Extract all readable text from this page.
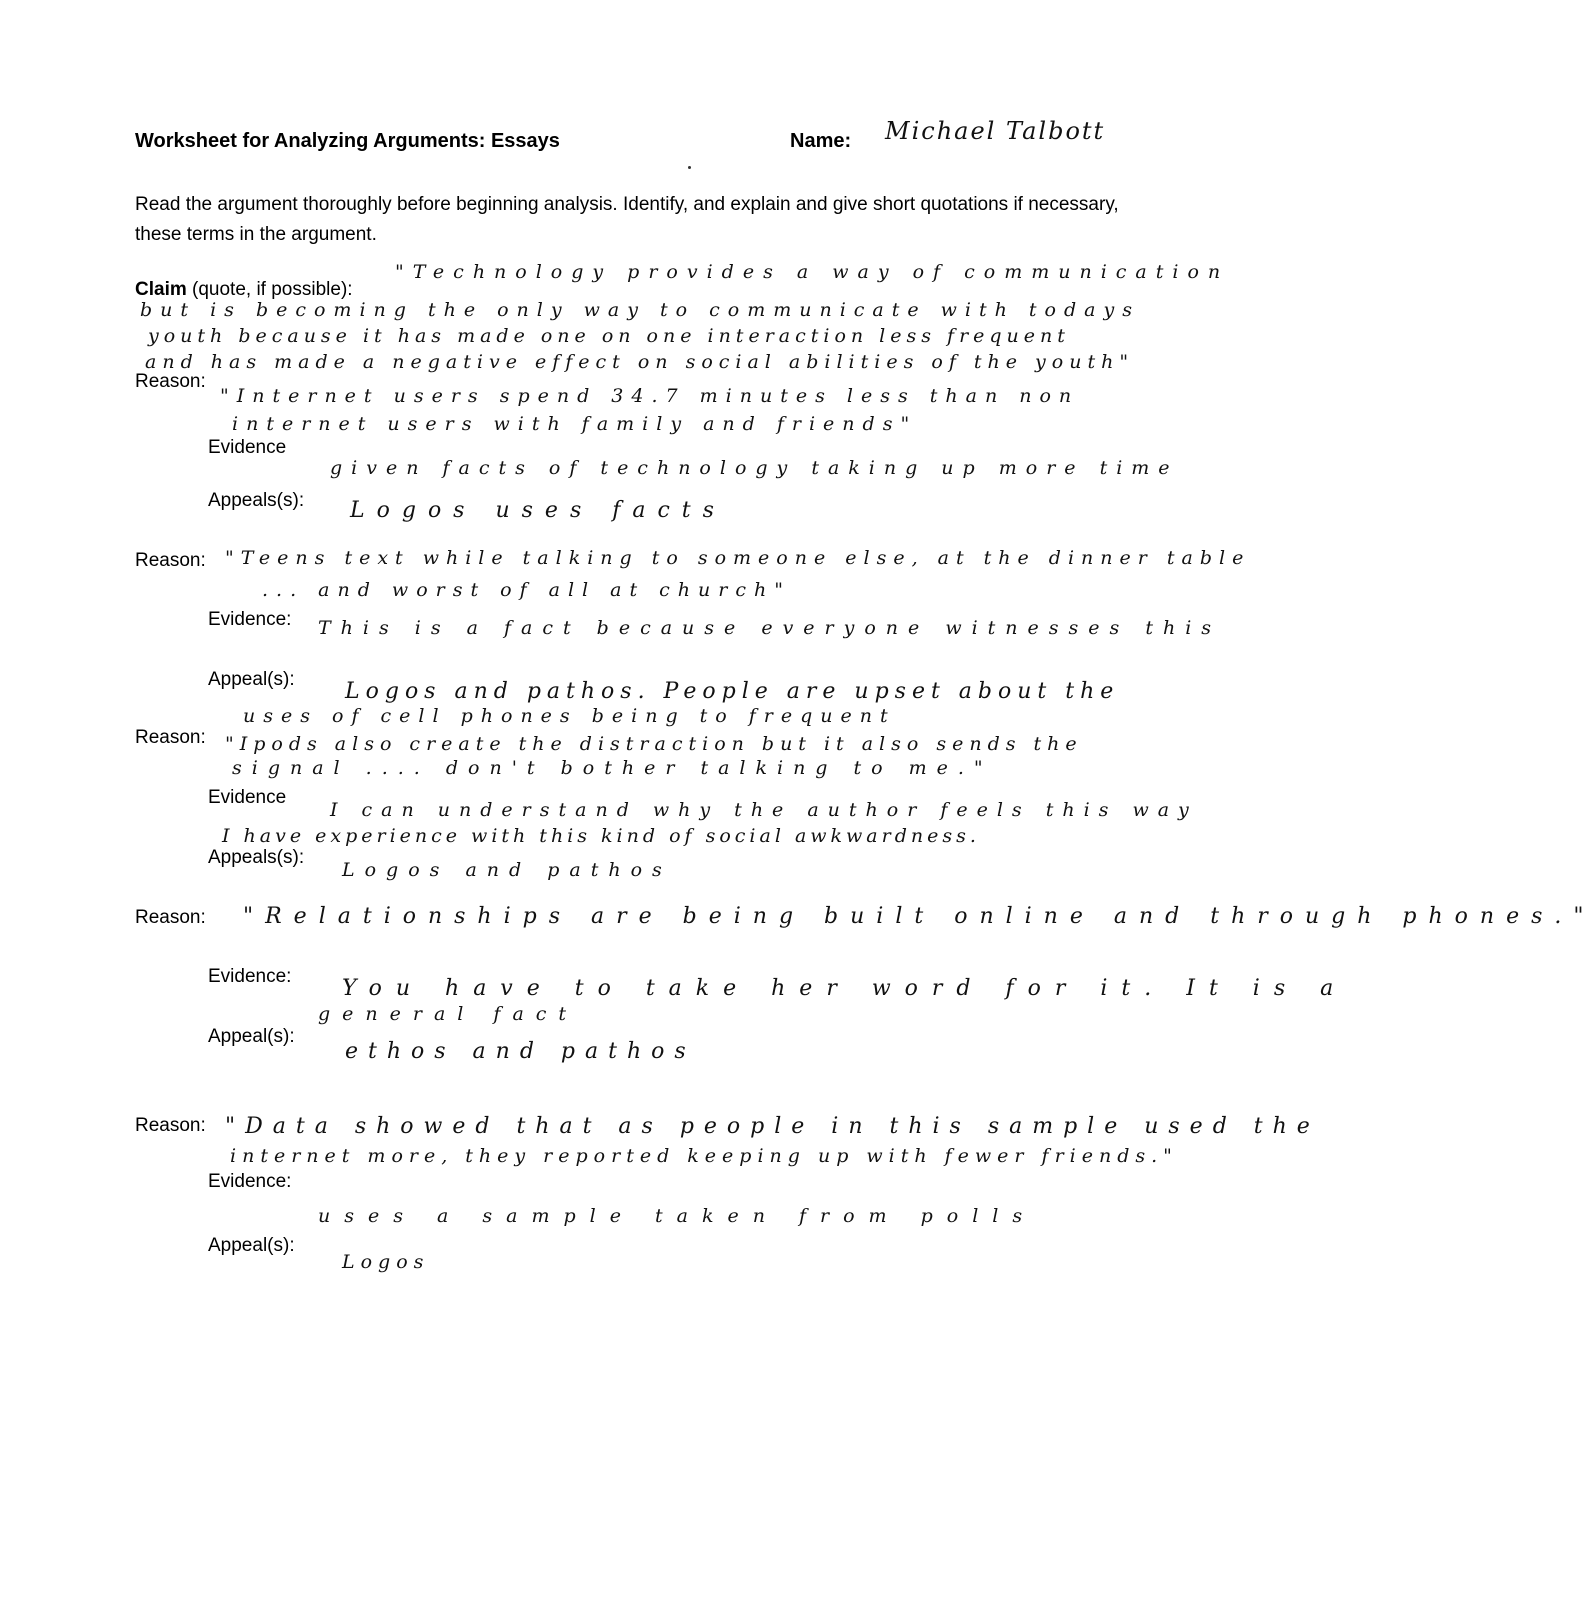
Worksheet for Analyzing Arguments: Essays	Name: Michael Talbott
Read the argument thoroughly before beginning analysis. Identify, and explain and give short quotations if necessary, these terms in the argument.
Claim (quote, if possible):
"Technology provides a way of communication
but is becoming the only way to communicate with todays
youth because it has made one on one interaction less frequent
and has made a negative effect on social abilities of the youth"
Reason:
"Internet users spend 34.7 minutes less than non
internet users with family and friends"
Evidence
given facts of technology taking up more time
Appeals(s): Logos uses facts
Reason: "Teens text while talking to someone else, at the dinner table
... and worst of all at church"
Evidence: This is a fact because everyone witnesses this
Appeal(s): Logos and pathos. People are upset about the
uses of cell phones being to frequent
Reason: "Ipods also create the distraction but it also sends the
signal .... don't bother talking to me."
Evidence
I can understand why the author feels this way
I have experience with this kind of social awkwardness.
Appeals(s):
Logos and pathos
Reason: "Relationships are being built online and through phones."
Evidence: You have to take her word for it. It is a
general fact
Appeal(s):
ethos and pathos
Reason: "Data showed that as people in this sample used the
internet more, they reported keeping up with fewer friends."
Evidence:
uses a sample taken from polls
Appeal(s):
Logos
